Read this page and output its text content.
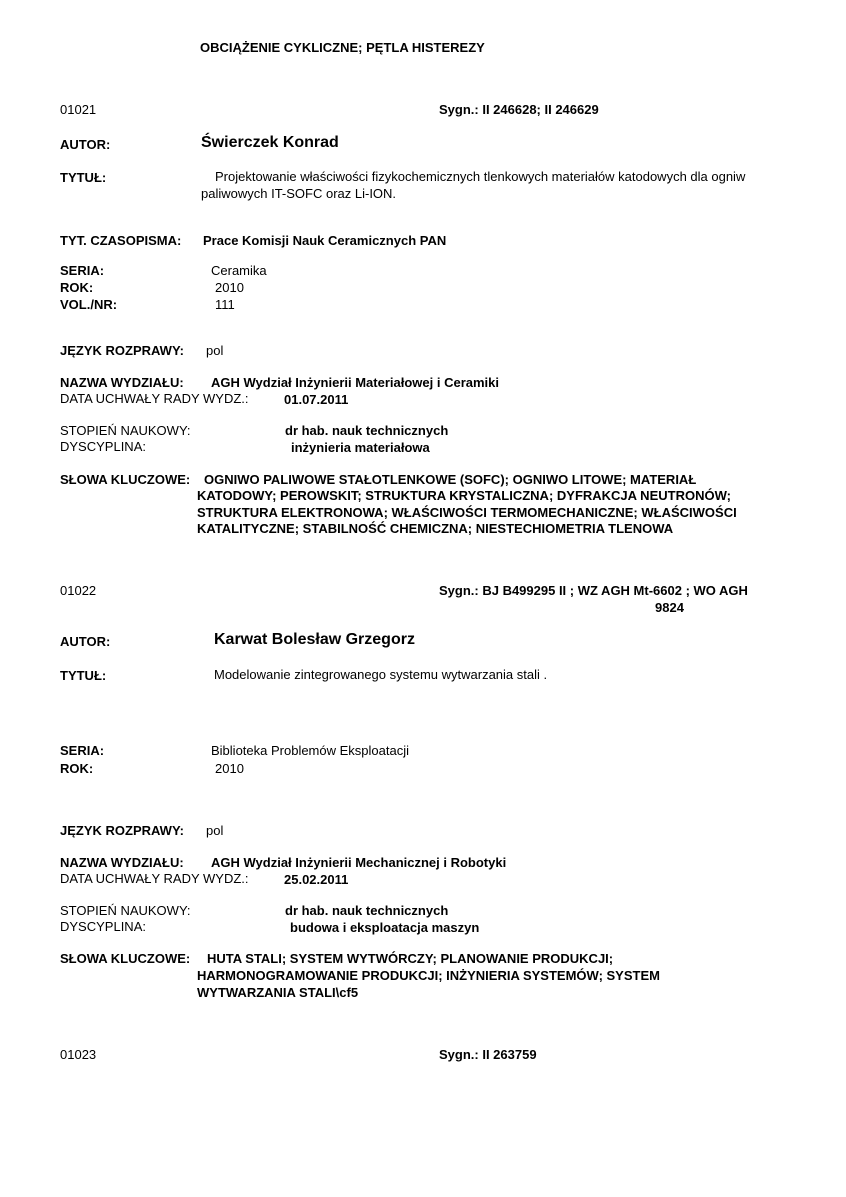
OBCIĄŻENIE CYKLICZNE; PĘTLA HISTEREZY
01021	Sygn.: II 246628; II 246629
AUTOR:	Świerczek Konrad
TYTUŁ:	Projektowanie właściwości fizykochemicznych tlenkowych materiałów katodowych dla ogniw
paliwowych IT-SOFC oraz Li-ION.
TYT. CZASOPISMA: Prace Komisji Nauk Ceramicznych PAN
SERIA:	Ceramika
ROK:	2010
VOL./NR:	111
JĘZYK ROZPRAWY: pol
NAZWA WYDZIAŁU: AGH Wydział Inżynierii Materiałowej i Ceramiki
DATA UCHWAŁY RADY WYDZ.:	01.07.2011
STOPIEŃ NAUKOWY:	dr hab. nauk technicznych
DYSCYPLINA:	inżynieria materiałowa
SŁOWA KLUCZOWE: OGNIWO PALIWOWE STAŁOTLENKOWE (SOFC); OGNIWO LITOWE; MATERIAŁ
KATODOWY; PEROWSKIT; STRUKTURA KRYSTALICZNA; DYFRAKCJA NEUTRONÓW;
STRUKTURA ELEKTRONOWA; WŁAŚCIWOŚCI TERMOMECHANICZNE; WŁAŚCIWOŚCI
KATALITYCZNE; STABILNOŚĆ CHEMICZNA; NIESTECHIOMETRIA TLENOWA
01022	Sygn.: BJ B499295 II ; WZ AGH Mt-6602 ; WO AGH
9824
AUTOR:	Karwat Bolesław Grzegorz
TYTUŁ:	Modelowanie zintegrowanego systemu wytwarzania stali .
SERIA:	Biblioteka Problemów Eksploatacji
ROK:	2010
JĘZYK ROZPRAWY: pol
NAZWA WYDZIAŁU: AGH Wydział Inżynierii Mechanicznej i Robotyki
DATA UCHWAŁY RADY WYDZ.:	25.02.2011
STOPIEŃ NAUKOWY:	dr hab. nauk technicznych
DYSCYPLINA:	budowa i eksploatacja maszyn
SŁOWA KLUCZOWE: HUTA STALI; SYSTEM WYTWÓRCZY; PLANOWANIE PRODUKCJI;
HARMONOGRAMOWANIE PRODUKCJI; INŻYNIERIA SYSTEMÓW; SYSTEM
WYTWARZANIA STALI\cf5
01023	Sygn.: II 263759
